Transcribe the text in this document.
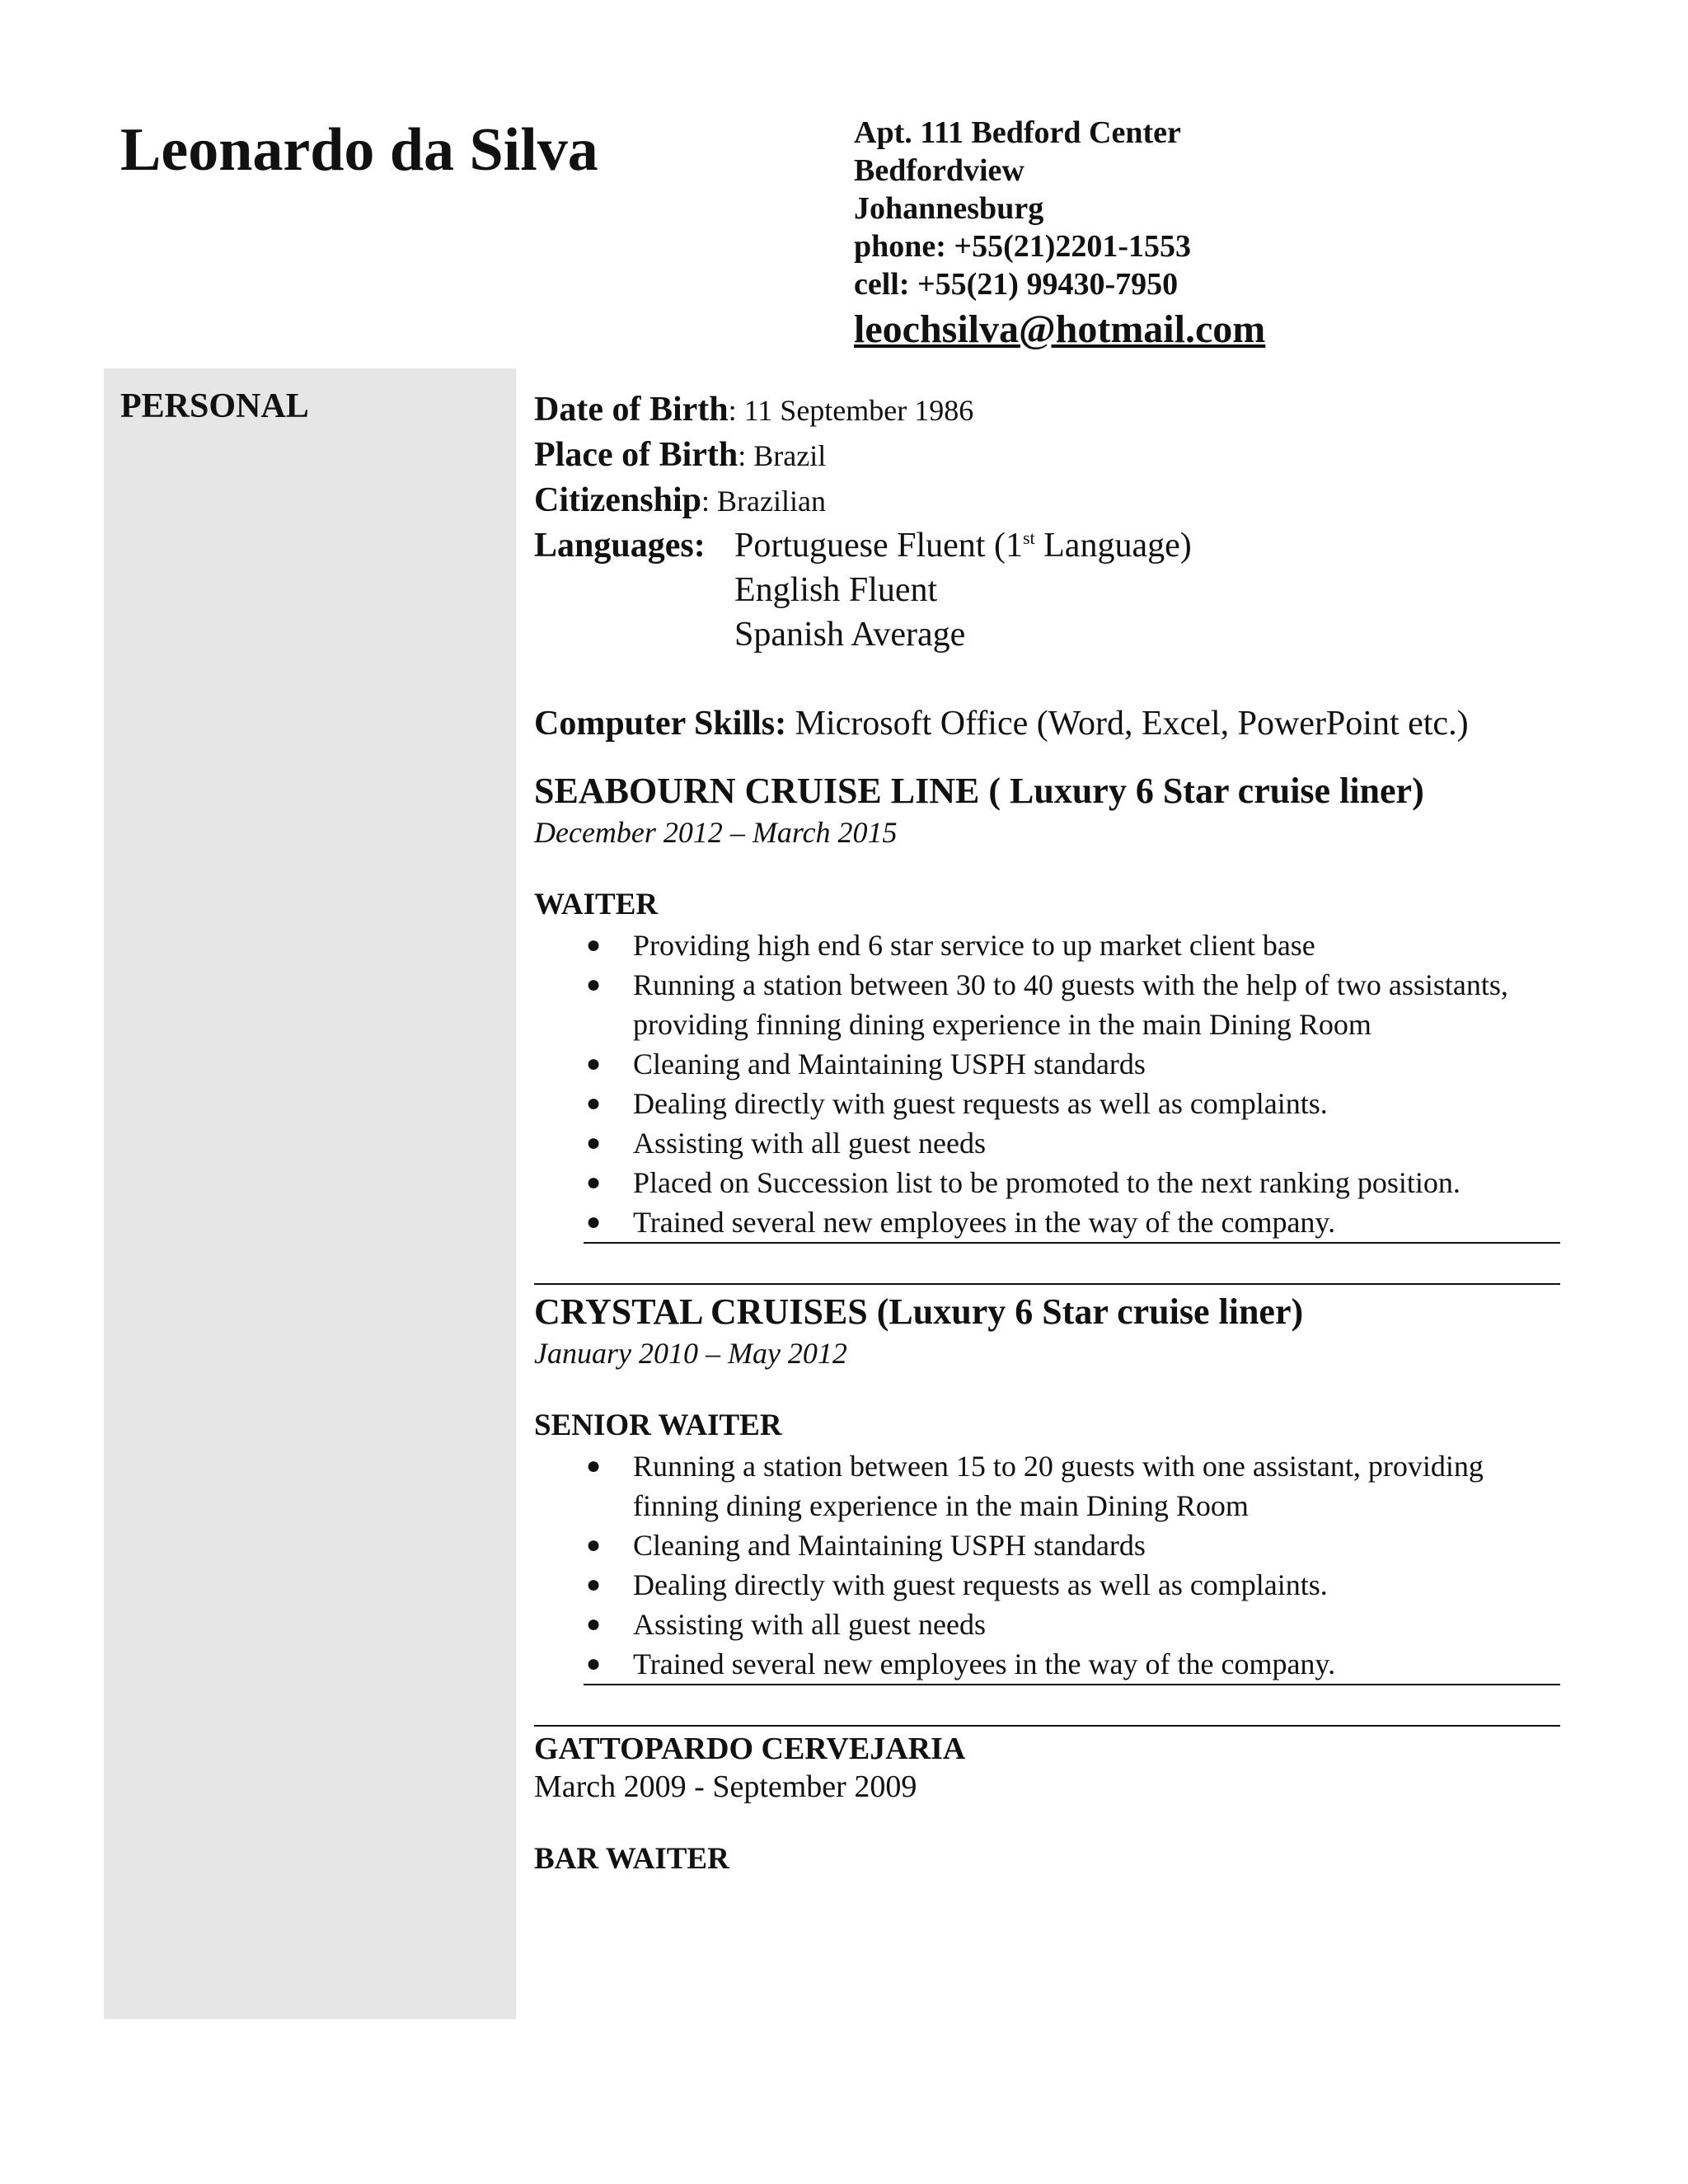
Leonardo da Silva	Apt. 111 Bedford Center
Bedfordview
Johannesburg
phone: +55(21)2201-1553
cell: +55(21) 99430-7950
leochsilva@hotmail.com
PERSONAL	Date of Birth: 11 September 1986
Place of Birth: Brazil
Citizenship: Brazilian
Languages: Portuguese Fluent (1st Language)
English Fluent
Spanish Average
Computer Skills: Microsoft Office (Word, Excel, PowerPoint etc.)
SEABOURN CRUISE LINE ( Luxury 6 Star cruise liner)
December 2012 – March 2015
WAITER
● Providing high end 6 star service to up market client base
● Running a station between 30 to 40 guests with the help of two assistants, providing finning dining experience in the main Dining Room
● Cleaning and Maintaining USPH standards
● Dealing directly with guest requests as well as complaints.
● Assisting with all guest needs
● Placed on Succession list to be promoted to the next ranking position.
● Trained several new employees in the way of the company.
CRYSTAL CRUISES (Luxury 6 Star cruise liner)
January 2010 – May 2012
SENIOR WAITER
● Running a station between 15 to 20 guests with one assistant, providing finning dining experience in the main Dining Room
● Cleaning and Maintaining USPH standards
● Dealing directly with guest requests as well as complaints.
● Assisting with all guest needs
● Trained several new employees in the way of the company.
GATTOPARDO CERVEJARIA
March 2009 - September 2009
BAR WAITER
